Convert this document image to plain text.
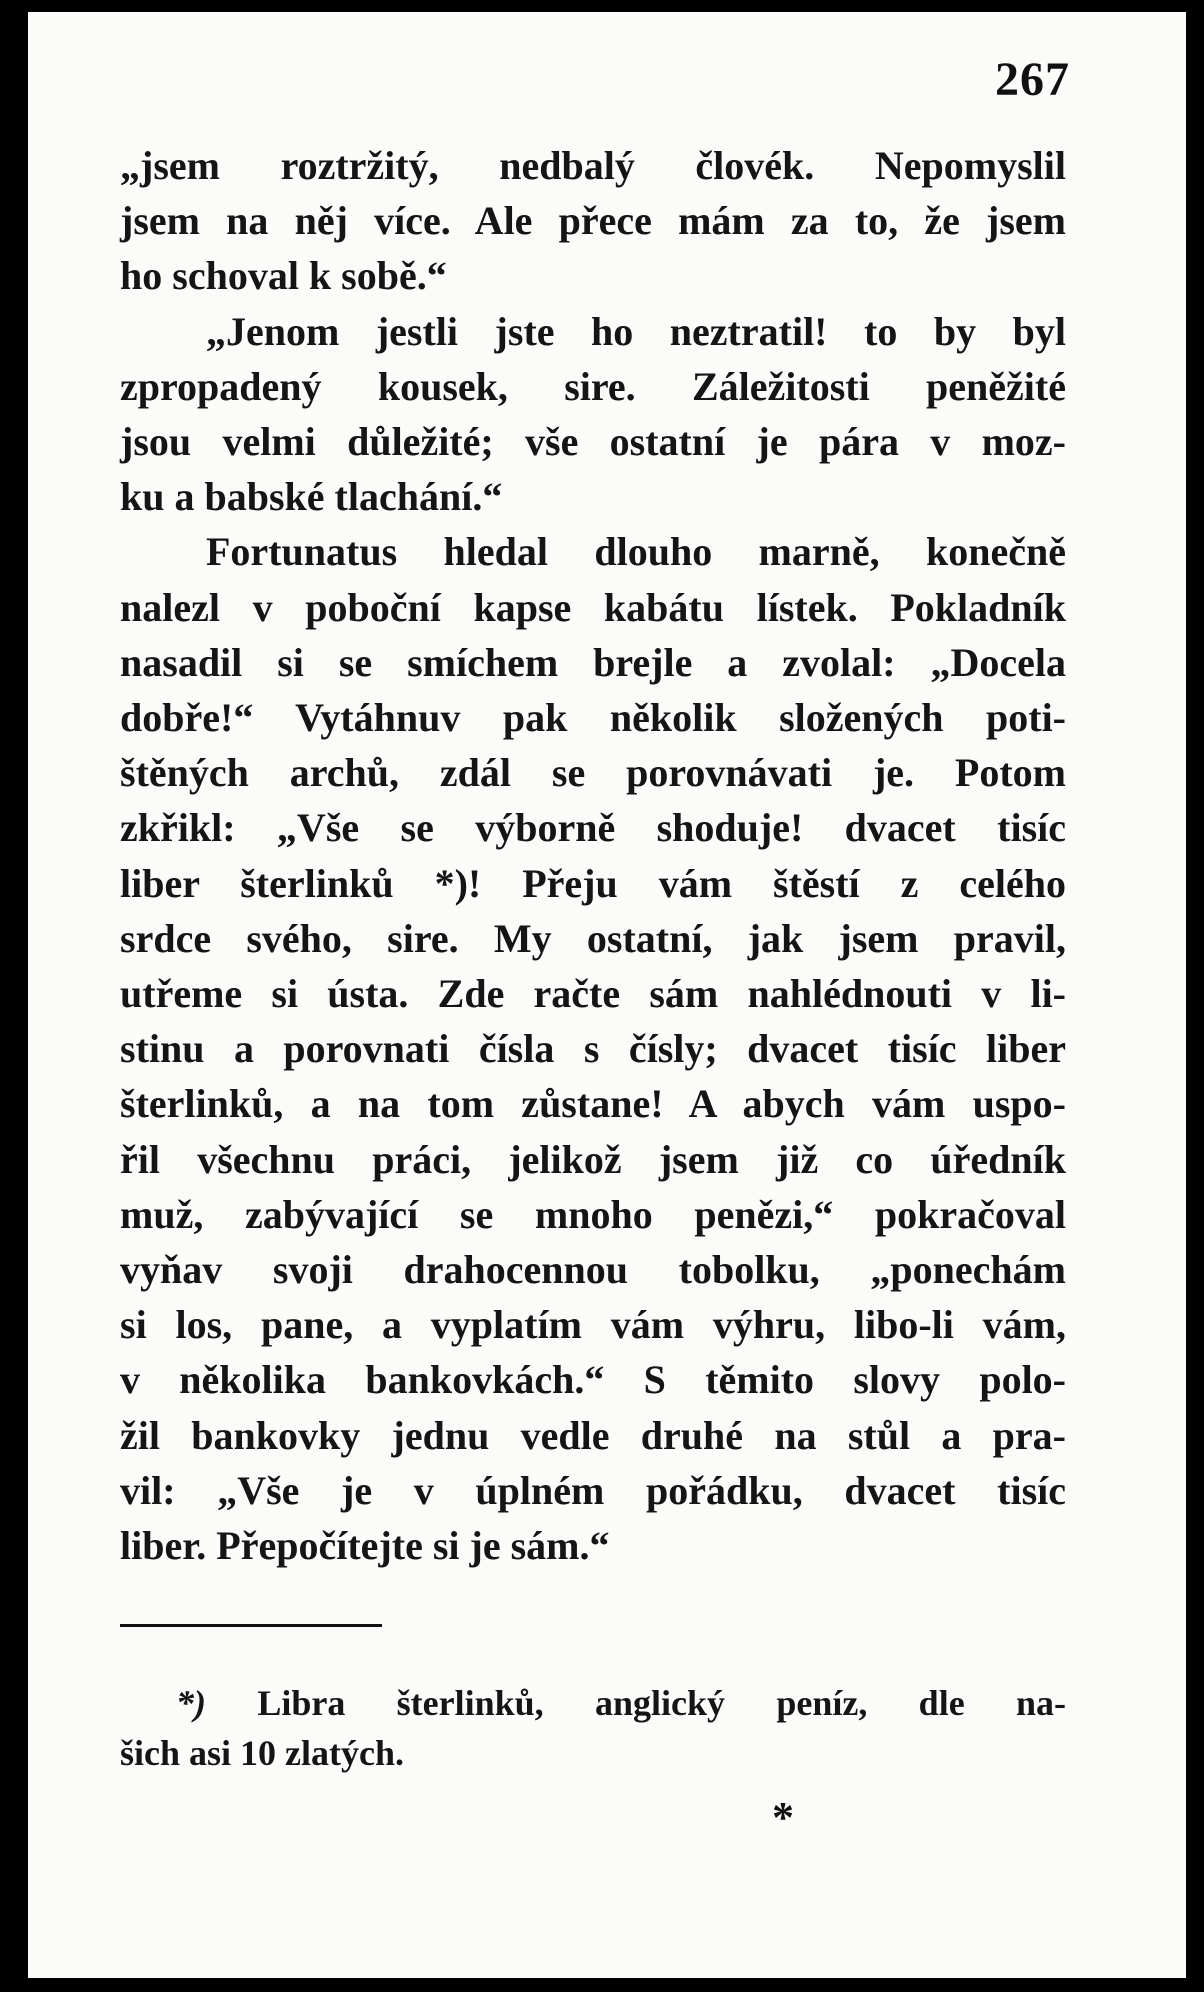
267
„jsem roztržitý, nedbalý človék. Nepomyslil
jsem na něj více. Ale přece mám za to, že jsem
ho schoval k sobě.“
„Jenom jestli jste ho neztratil! to by byl
zpropadený kousek, sire. Záležitosti peněžité
jsou velmi důležité; vše ostatní je pára v moz-
ku a babské tlachání.“
Fortunatus hledal dlouho marně, konečně
nalezl v poboční kapse kabátu lístek. Pokladník
nasadil si se smíchem brejle a zvolal: „Docela
dobře!“ Vytáhnuv pak několik složených poti-
štěných archů, zdál se porovnávati je. Potom
zkřikl: „Vše se výborně shoduje! dvacet tisíc
liber šterlinků *)! Přeju vám štěstí z celého
srdce svého, sire. My ostatní, jak jsem pravil,
utřeme si ústa. Zde račte sám nahlédnouti v li-
stinu a porovnati čísla s čísly; dvacet tisíc liber
šterlinků, a na tom zůstane! A abych vám uspo-
řil všechnu práci, jelikož jsem již co úředník
muž, zabývající se mnoho penězi,“ pokračoval
vyňav svoji drahocennou tobolku, „ponechám
si los, pane, a vyplatím vám výhru, libo-li vám,
v několika bankovkách.“ S těmito slovy polo-
žil bankovky jednu vedle druhé na stůl a pra-
vil: „Vše je v úplném pořádku, dvacet tisíc
liber. Přepočítejte si je sám.“
*) Libra šterlinků, anglický peníz, dle na-
šich asi 10 zlatých.
*
